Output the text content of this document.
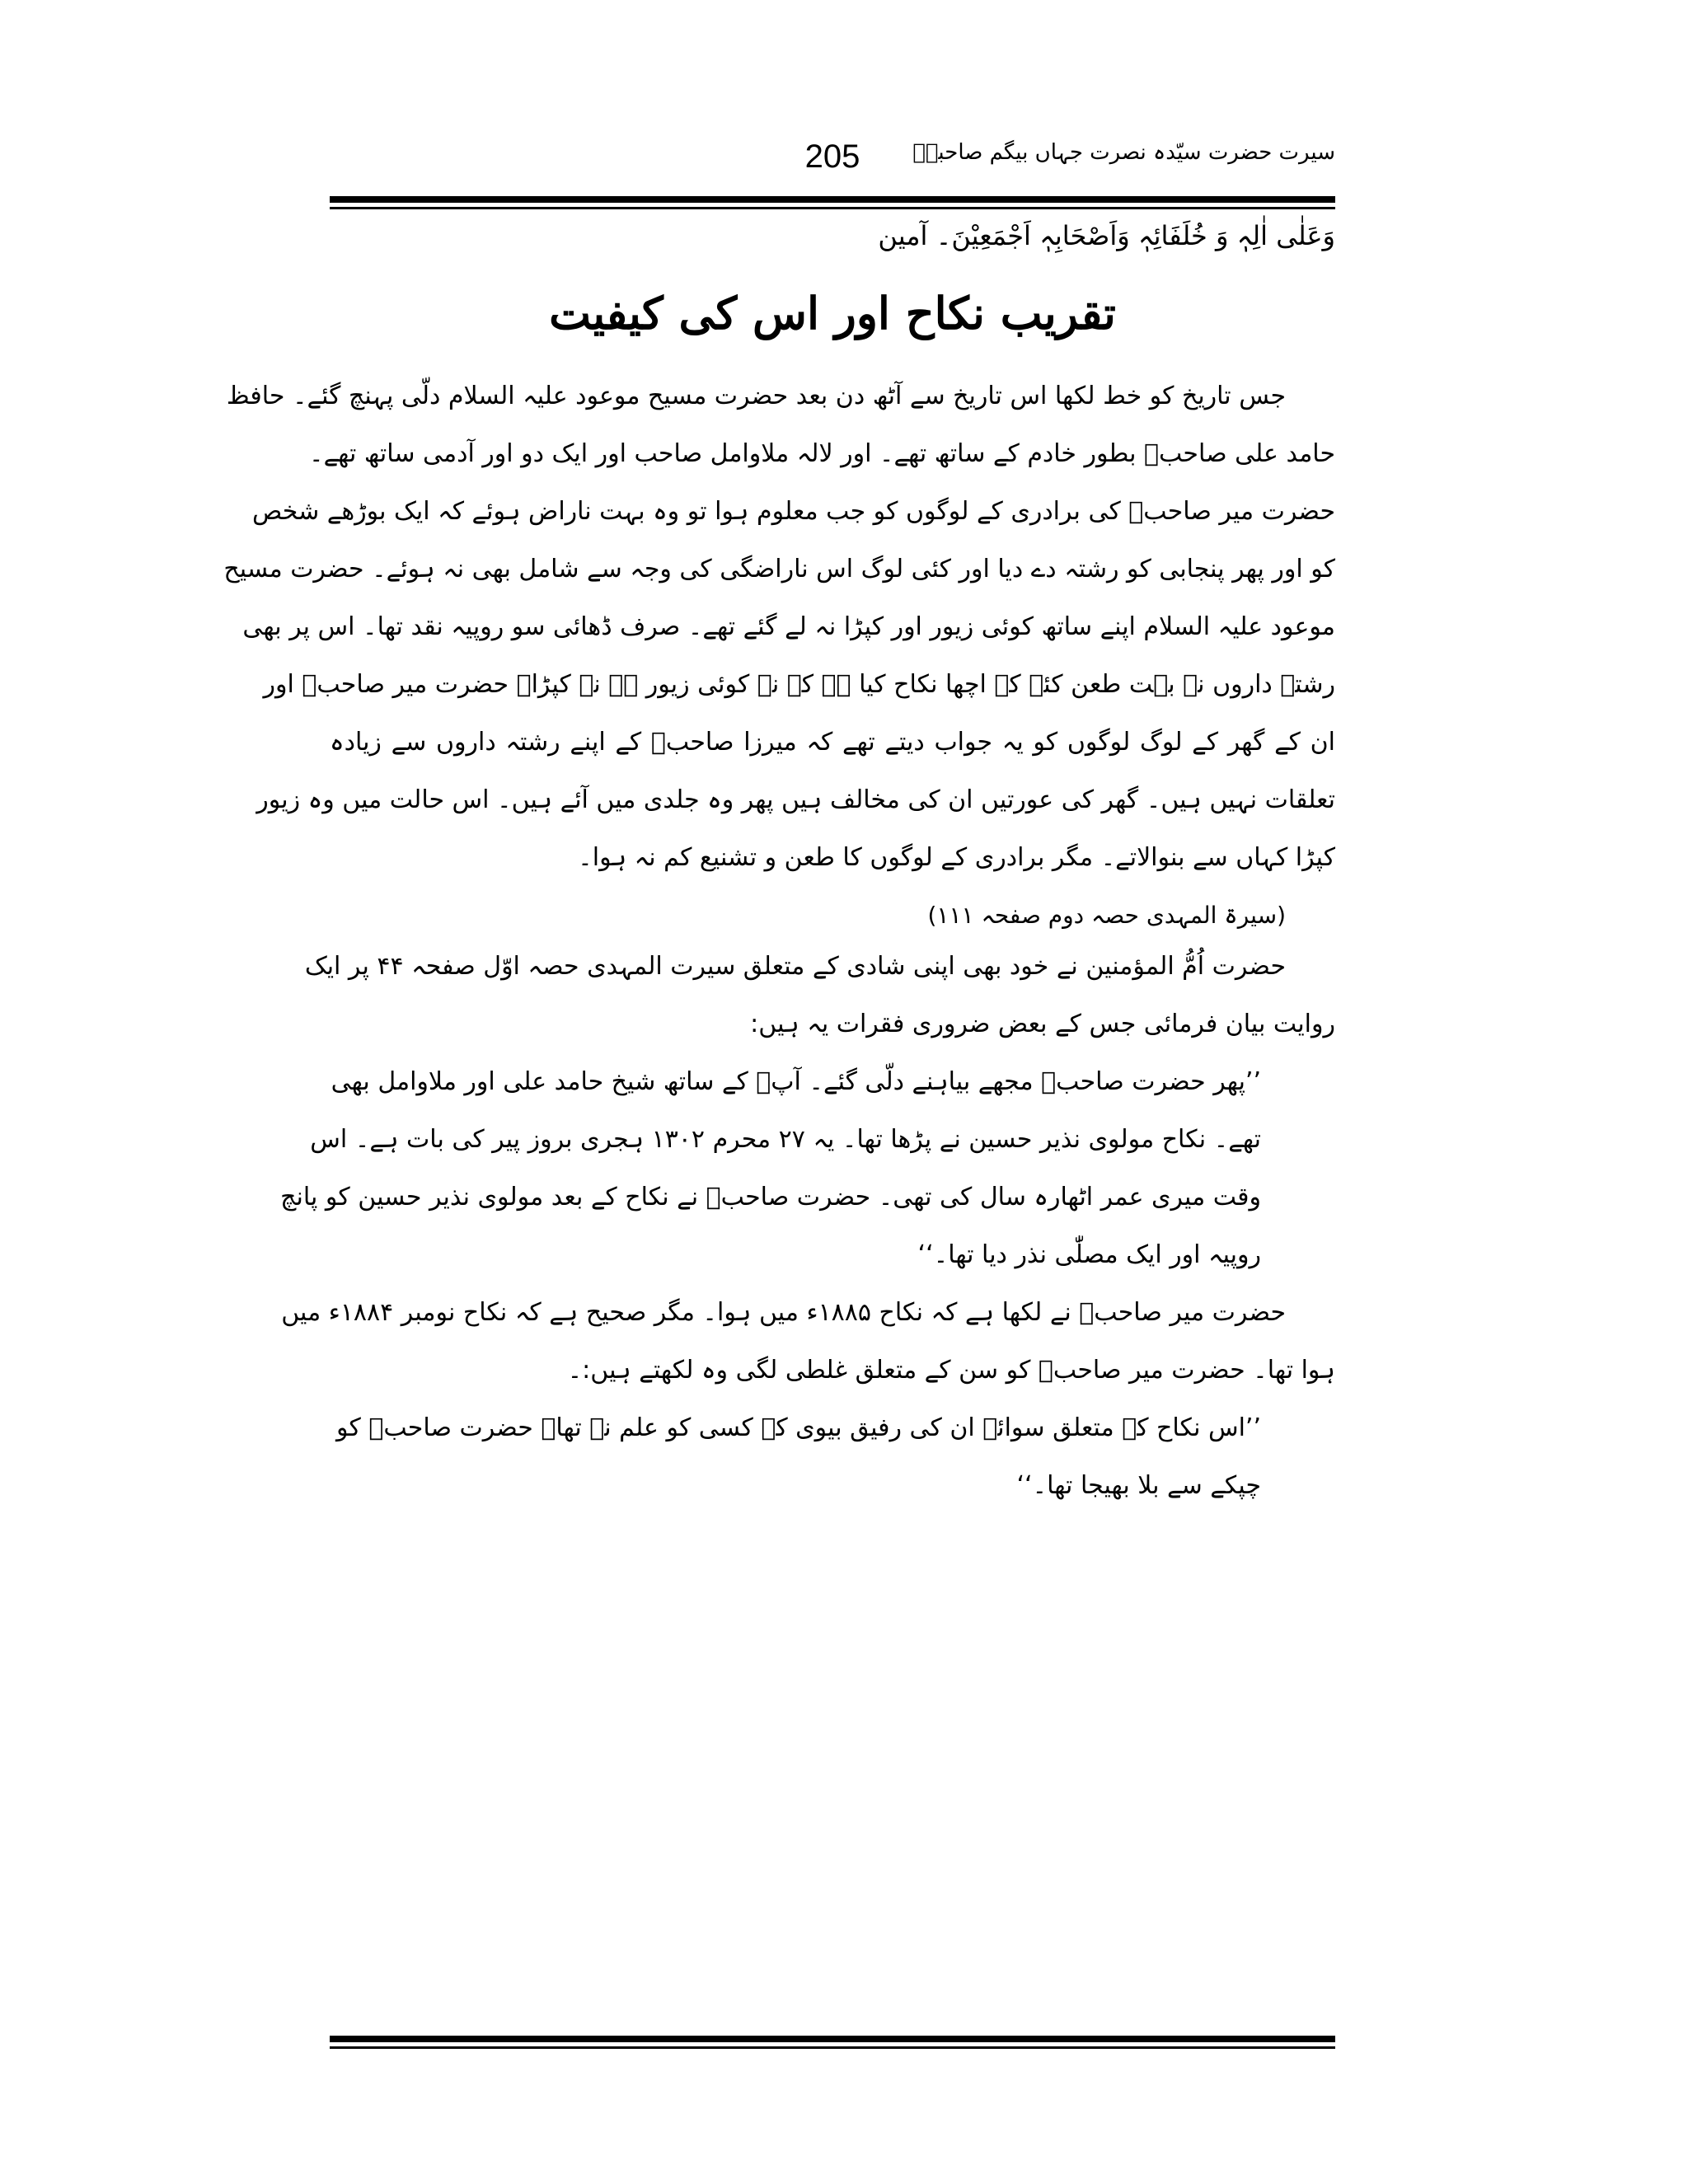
205	سیرت حضرت سیّدہ نصرت جہاں بیگم صاحبہؓ
وَعَلٰی اٰلِہٖ وَ خُلَفَائِہٖ وَاَصْحَابِہٖ اَجْمَعِیْنَ۔ آمین
تقریب نکاح اور اس کی کیفیت
جس تاریخ کو خط لکھا اس تاریخ سے آٹھ دن بعد حضرت مسیح موعود علیہ السلام دلّی پہنچ گئے۔ حافظ
حامد علی صاحبؓ بطور خادم کے ساتھ تھے۔ اور لالہ ملاوامل صاحب اور ایک دو اور آدمی ساتھ تھے۔
حضرت میر صاحبؓ کی برادری کے لوگوں کو جب معلوم ہوا تو وہ بہت ناراض ہوئے کہ ایک بوڑھے شخص
کو اور پھر پنجابی کو رشتہ دے دیا اور کئی لوگ اس ناراضگی کی وجہ سے شامل بھی نہ ہوئے۔ حضرت مسیح
موعود علیہ السلام اپنے ساتھ کوئی زیور اور کپڑا نہ لے گئے تھے۔ صرف ڈھائی سو روپیہ نقد تھا۔ اس پر بھی
رشتہ داروں نے بہت طعن کئے کہ اچھا نکاح کیا ہے کہ نہ کوئی زیور ہے نہ کپڑا۔ حضرت میر صاحبؓ اور
ان کے گھر کے لوگ لوگوں کو یہ جواب دیتے تھے کہ میرزا صاحبؑ کے اپنے رشتہ داروں سے زیادہ
تعلقات نہیں ہیں۔ گھر کی عورتیں ان کی مخالف ہیں پھر وہ جلدی میں آئے ہیں۔ اس حالت میں وہ زیور
کپڑا کہاں سے بنوالاتے۔ مگر برادری کے لوگوں کا طعن و تشنیع کم نہ ہوا۔
(سیرۃ المہدی حصہ دوم صفحہ ۱۱۱)
حضرت اُمُّ المؤمنین نے خود بھی اپنی شادی کے متعلق سیرت المہدی حصہ اوّل صفحہ ۴۴ پر ایک
روایت بیان فرمائی جس کے بعض ضروری فقرات یہ ہیں:
’’پھر حضرت صاحبؑ مجھے بیاہنے دلّی گئے۔ آپؑ کے ساتھ شیخ حامد علی اور ملاوامل بھی
تھے۔ نکاح مولوی نذیر حسین نے پڑھا تھا۔ یہ ۲۷ محرم ۱۳۰۲ ہجری بروز پیر کی بات ہے۔ اس
وقت میری عمر اٹھارہ سال کی تھی۔ حضرت صاحبؑ نے نکاح کے بعد مولوی نذیر حسین کو پانچ
روپیہ اور ایک مصلّٰی نذر دیا تھا۔‘‘
حضرت میر صاحبؓ نے لکھا ہے کہ نکاح ۱۸۸۵ء میں ہوا۔ مگر صحیح ہے کہ نکاح نومبر ۱۸۸۴ء میں
ہوا تھا۔ حضرت میر صاحبؓ کو سن کے متعلق غلطی لگی وہ لکھتے ہیں:۔
’’اس نکاح کے متعلق سوائے ان کی رفیق بیوی کے کسی کو علم نہ تھا۔ حضرت صاحبؑ کو
چپکے سے بلا بھیجا تھا۔‘‘
